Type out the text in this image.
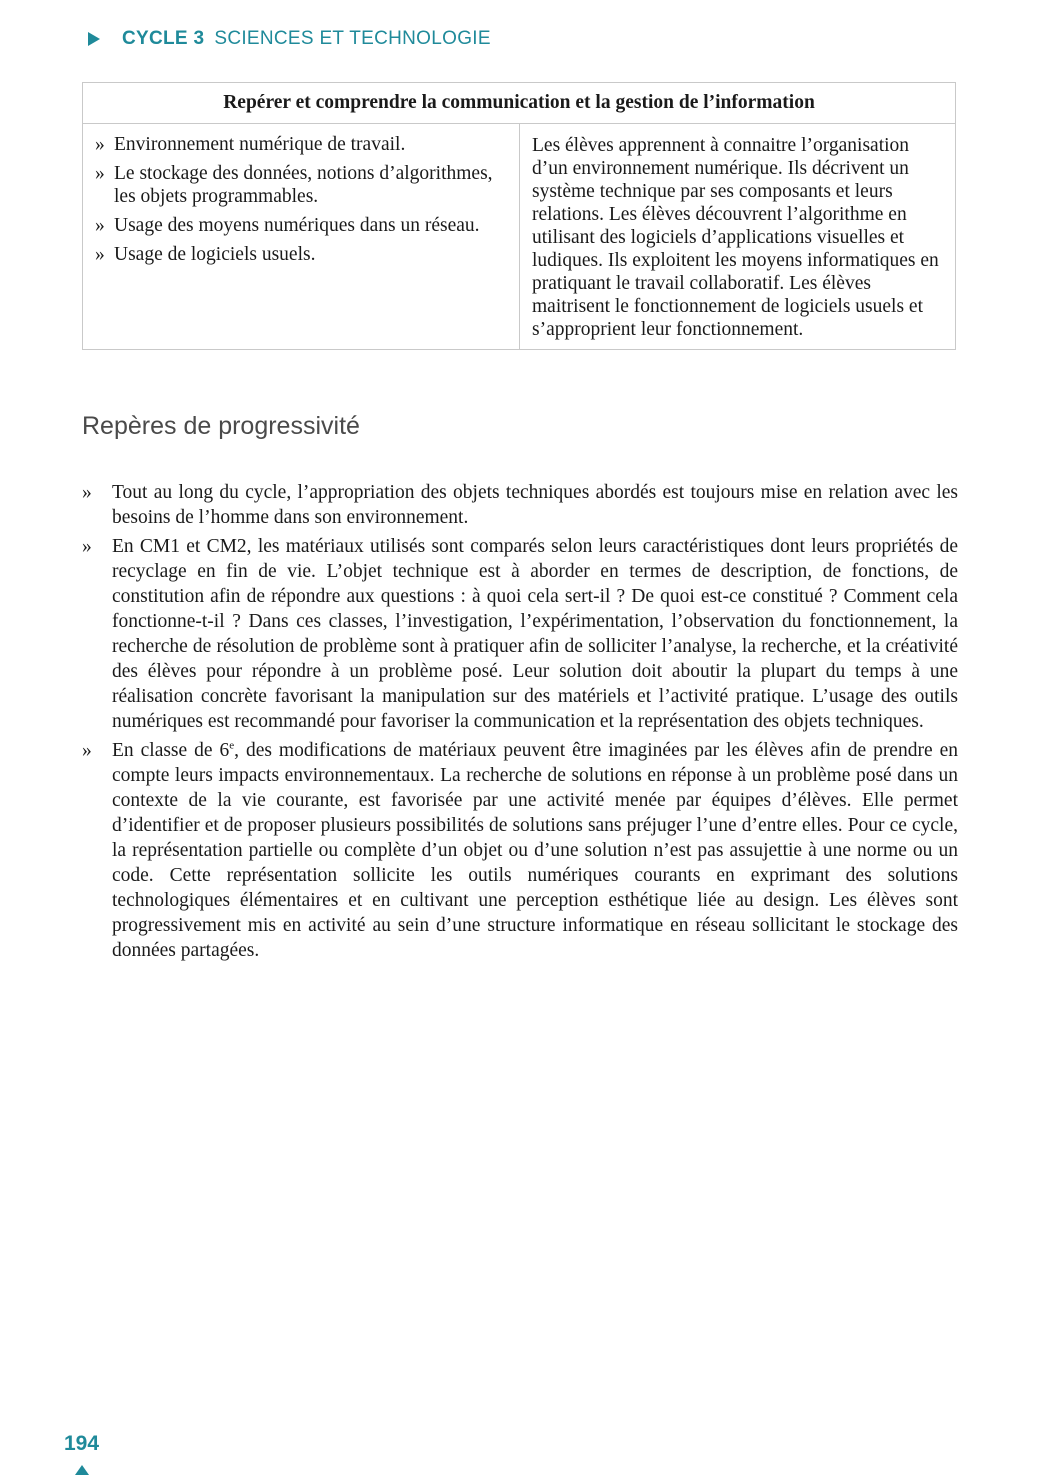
CYCLE 3 SCIENCES ET TECHNOLOGIE
Repérer et comprendre la communication et la gestion de l’information
» Environnement numérique de travail.
» Le stockage des données, notions d’algorithmes, les objets programmables.
» Usage des moyens numériques dans un réseau.
» Usage de logiciels usuels.
Les élèves apprennent à connaitre l’organisation d’un environnement numérique. Ils décrivent un système technique par ses composants et leurs relations. Les élèves découvrent l’algorithme en utilisant des logiciels d’applications visuelles et ludiques. Ils exploitent les moyens informatiques en pratiquant le travail collaboratif. Les élèves maitrisent le fonctionnement de logiciels usuels et s’approprient leur fonctionnement.
Repères de progressivité
» Tout au long du cycle, l’appropriation des objets techniques abordés est toujours mise en relation avec les besoins de l’homme dans son environnement.
» En CM1 et CM2, les matériaux utilisés sont comparés selon leurs caractéristiques dont leurs propriétés de recyclage en fin de vie. L’objet technique est à aborder en termes de description, de fonctions, de constitution afin de répondre aux questions : à quoi cela sert-il ? De quoi est-ce constitué ? Comment cela fonctionne-t-il ? Dans ces classes, l’investigation, l’expérimentation, l’observation du fonctionnement, la recherche de résolution de problème sont à pratiquer afin de solliciter l’analyse, la recherche, et la créativité des élèves pour répondre à un problème posé. Leur solution doit aboutir la plupart du temps à une réalisation concrète favorisant la manipulation sur des matériels et l’activité pratique. L’usage des outils numériques est recommandé pour favoriser la communication et la représentation des objets techniques.
» En classe de 6e, des modifications de matériaux peuvent être imaginées par les élèves afin de prendre en compte leurs impacts environnementaux. La recherche de solutions en réponse à un problème posé dans un contexte de la vie courante, est favorisée par une activité menée par équipes d’élèves. Elle permet d’identifier et de proposer plusieurs possibilités de solutions sans préjuger l’une d’entre elles. Pour ce cycle, la représentation partielle ou complète d’un objet ou d’une solution n’est pas assujettie à une norme ou un code. Cette représentation sollicite les outils numériques courants en exprimant des solutions technologiques élémentaires et en cultivant une perception esthétique liée au design. Les élèves sont progressivement mis en activité au sein d’une structure informatique en réseau sollicitant le stockage des données partagées.
194
